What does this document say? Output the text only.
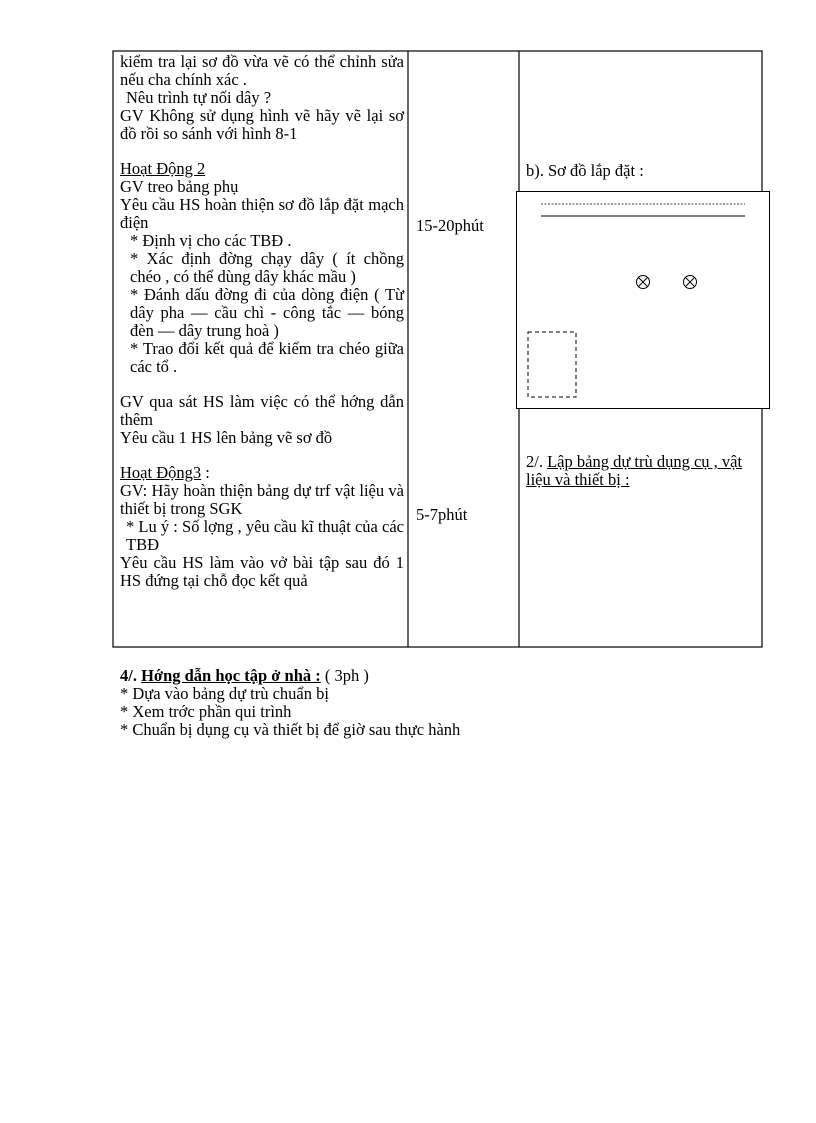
kiểm tra lại sơ đồ vừa vẽ có thể chỉnh sửa nếu cha chính xác .

Nêu trình tự nối dây ?

GV Không sử dụng hình vẽ hãy vẽ lại sơ đồ rồi so sánh với hình 8-1

Hoạt Động 2

GV treo bảng phụ

Yêu cầu HS hoàn thiện sơ đồ lắp đặt mạch điện

* Định vị cho các TBĐ .

* Xác định đờng chạy dây ( ít chồng chéo , có thể dùng dây khác mầu )

* Đánh dấu đờng đi của dòng điện ( Từ dây pha — cầu chì - công tắc — bóng đèn — dây trung hoà )

* Trao đổi kết quả để kiểm tra chéo giữa các tổ .

GV qua sát HS làm việc có thể hớng dẫn thêm

Yêu cầu 1 HS lên bảng vẽ sơ đồ

Hoạt Động3 :

GV: Hãy hoàn thiện bảng dự trf vật liệu và thiết bị trong SGK

* Lu ý : Số lợng , yêu cầu kĩ thuật của các TBĐ

Yêu cầu HS làm vào vở bài tập sau đó 1 HS đứng tại chỗ đọc kết quả

15-20phút
5-7phút
b). Sơ đồ lắp đặt :
2/. Lập bảng dự trù dụng cụ , vật liệu và thiết bị :

4/. Hớng dẫn học tập ở nhà : ( 3ph )

* Dựa vào bảng dự trù chuẩn bị

* Xem trớc phần qui trình

* Chuẩn bị dụng cụ và thiết bị để giờ sau thực hành
